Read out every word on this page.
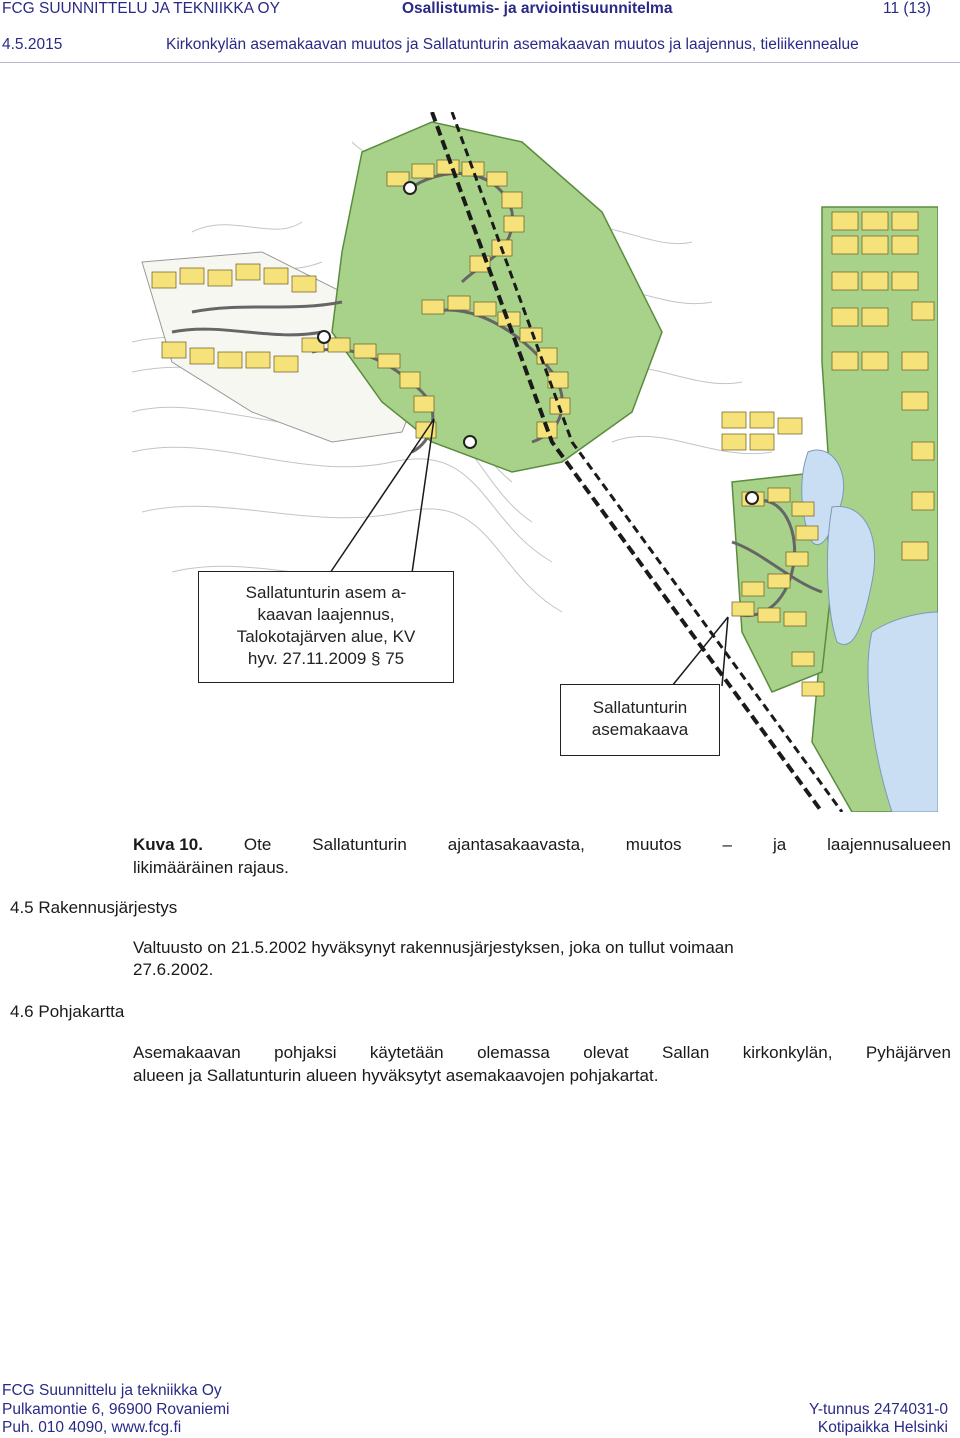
FCG SUUNNITTELU JA TEKNIIKKA OY	Osallistumis- ja arviointisuunnitelma	11 (13)
4.5.2015	Kirkonkylän asemakaavan muutos ja Sallatunturin asemakaavan muutos ja laajennus, tieliikennealue
Sallatunturin asem a-
kaavan laajennus,
Talokotajärven alue, KV
hyv. 27.11.2009 § 75
Sallatunturin
asemakaava
Kuva 10. Ote Sallatunturin ajantasakaavasta, muutos – ja laajennusalueen
likimääräinen rajaus.
4.5 Rakennusjärjestys
Valtuusto on 21.5.2002 hyväksynyt rakennusjärjestyksen, joka on tullut voimaan
27.6.2002.
4.6 Pohjakartta
Asemakaavan pohjaksi käytetään olemassa olevat Sallan kirkonkylän, Pyhäjärven
alueen ja Sallatunturin alueen hyväksytyt asemakaavojen pohjakartat.
FCG Suunnittelu ja tekniikka Oy
Pulkamontie 6, 96900 Rovaniemi
Puh. 010 4090, www.fcg.fi
Y-tunnus 2474031-0
Kotipaikka Helsinki
